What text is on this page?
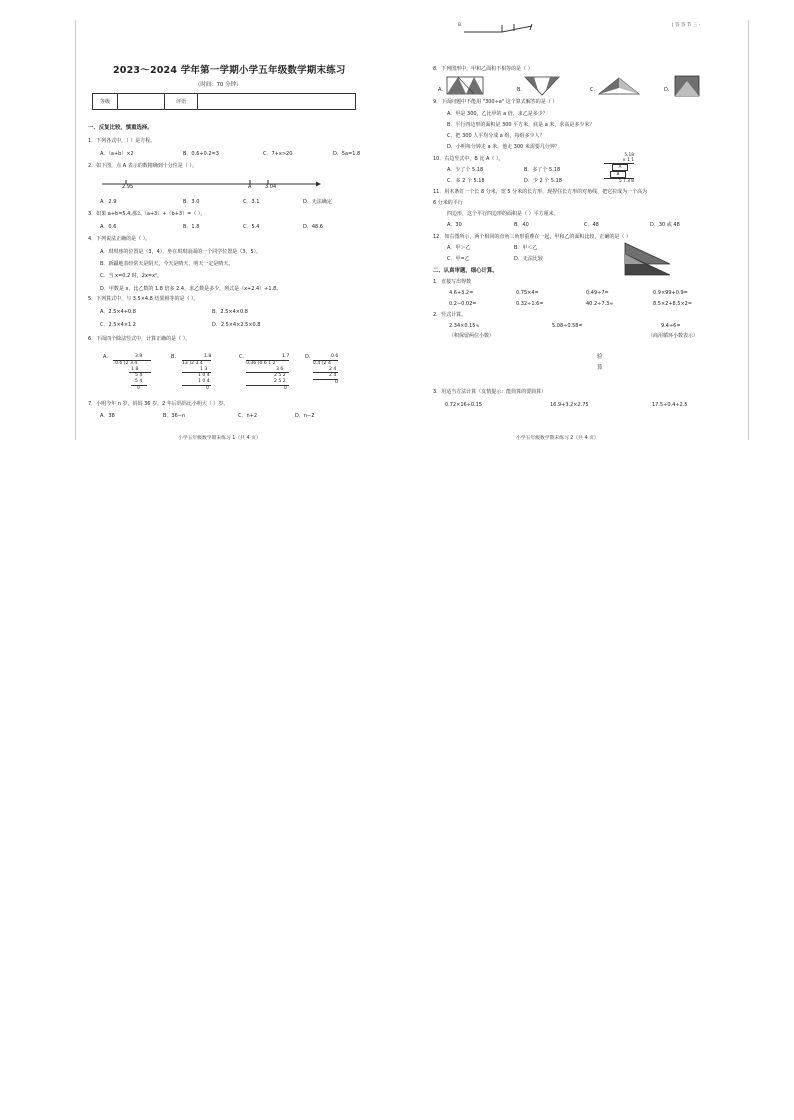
B	| 答 答 节 三 ·
2023～2024 学年第一学期小学五年级数学期末练习
（时间：70 分钟）
等级	评语
一、反复比较，慎重选择。
1．下列各式中，（ ）是方程。
A．（a+b）×2	B．0.6+0.2=3	C．7+x>20	D．5a=1.8
2．如下图，点 A 表示的数精确到十分位是（ ）。
2.95	A	3.04
A．2.9	B．3.0	C．3.1	D．无法确定
3．如果 a+b=5.4,那么（a+3）+（b+3）=（ ）。
A．0.6	B．1.8	C．5.4	D．48.6
4．下列说法正确的是（ ）。
A．琪琪座的位置是（3，4），坐在琪琪前面的一个同学位置是（3，5）。
B．新疆地表经常天是阴天，今天是晴天，明天一定是晴天。
C．当 x=0.2 时，2x=x²。
D．甲数是 x，比乙数的 1.8 倍多 2.4，求乙数是多少，列式是（x+2.4）÷1.8。
5．下列算式中，与 3.5×4.8 结果相等的是（ ）。
A．2.5×4+0.8	B．2.5×4×0.8
C．2.5×4×1.2	D．2.5×4×2.5×0.8
6．下面四个除法竖式中，计算正确的是（ ）。
A.	3.9
0.6 )2 3.4
1 8
5 4
5 4
0
B.	1.8
13 )2 3.4
1 3
1 0 4
1 0 4
0
C.	1.7
0.36 )0.6 1 2
3 6
2 5 2
2 5 2
0
D.	0.6
0.4 )2 4
2 4
2 4
0
7．小明今年 n 岁，妈妈 36 岁，2 年后妈妈比小明大（ ）岁。
A．38	B．36−n	C．n+2	D．n−2
小学五年级数学期末练习 1（共 4 页）
8．下列图形中，甲和乙面积不相等的是（ ）
A.	B.	C.	D.
9．下面问题中不能用 "300÷a" 这个算式解答的是（ ）
A．甲是 300，乙比甲的 a 倍，求乙是多少？
B．平行四边形的面积是 300 平方米，底是 a 米，求高是多少米？
C．把 300 人平均分成 a 组，每组多少人？
D．小明每分钟走 a 米，他走 300 米需要几分钟？
10．右边竖式中，B 比 A（ ）。
A．少了个 5.18	B．多了个 5.18
C．多 2 个 5.18	D．少 2 个 5.18
5.18
× 1 1
A
B
5 7.3 8
11．用木条钉一个长 8 分米，宽 5 分米的长方形，现捏住长方形的对角线，把它拉成为一个高为
6 分米的平行
四边形，这个平行四边形的面积是（ ）平方厘米。
A．30	B．40	C．48	D．30 或 48
12．如右图所示，两个相同的直角三角形重叠在一起，甲和乙的面积比较，正确的是（ ）
A．甲＞乙	B．甲＜乙
C．甲=乙	D．无法比较
二、认真审题，细心计算。
1．直接写出得数
4.6+3.2=	0.75×4=	0.49÷7=	0.9×99+0.9=
0.2−0.02=	0.32÷1.6=	40.2÷7.3≈	8.5×2+8.5×2=
2．竖式计算。
2.34×0.15≈	5.08÷0.58=	9.4÷6=
（积保留两位小数）	（商用循环小数表示）
验
算
3．用适当方法计算（友情提示：能简算的要简算）
0.72×16÷0.15	16.9+3.2×2.75	17.5÷0.4÷2.5
小学五年级数学期末练习 2（共 4 页）
